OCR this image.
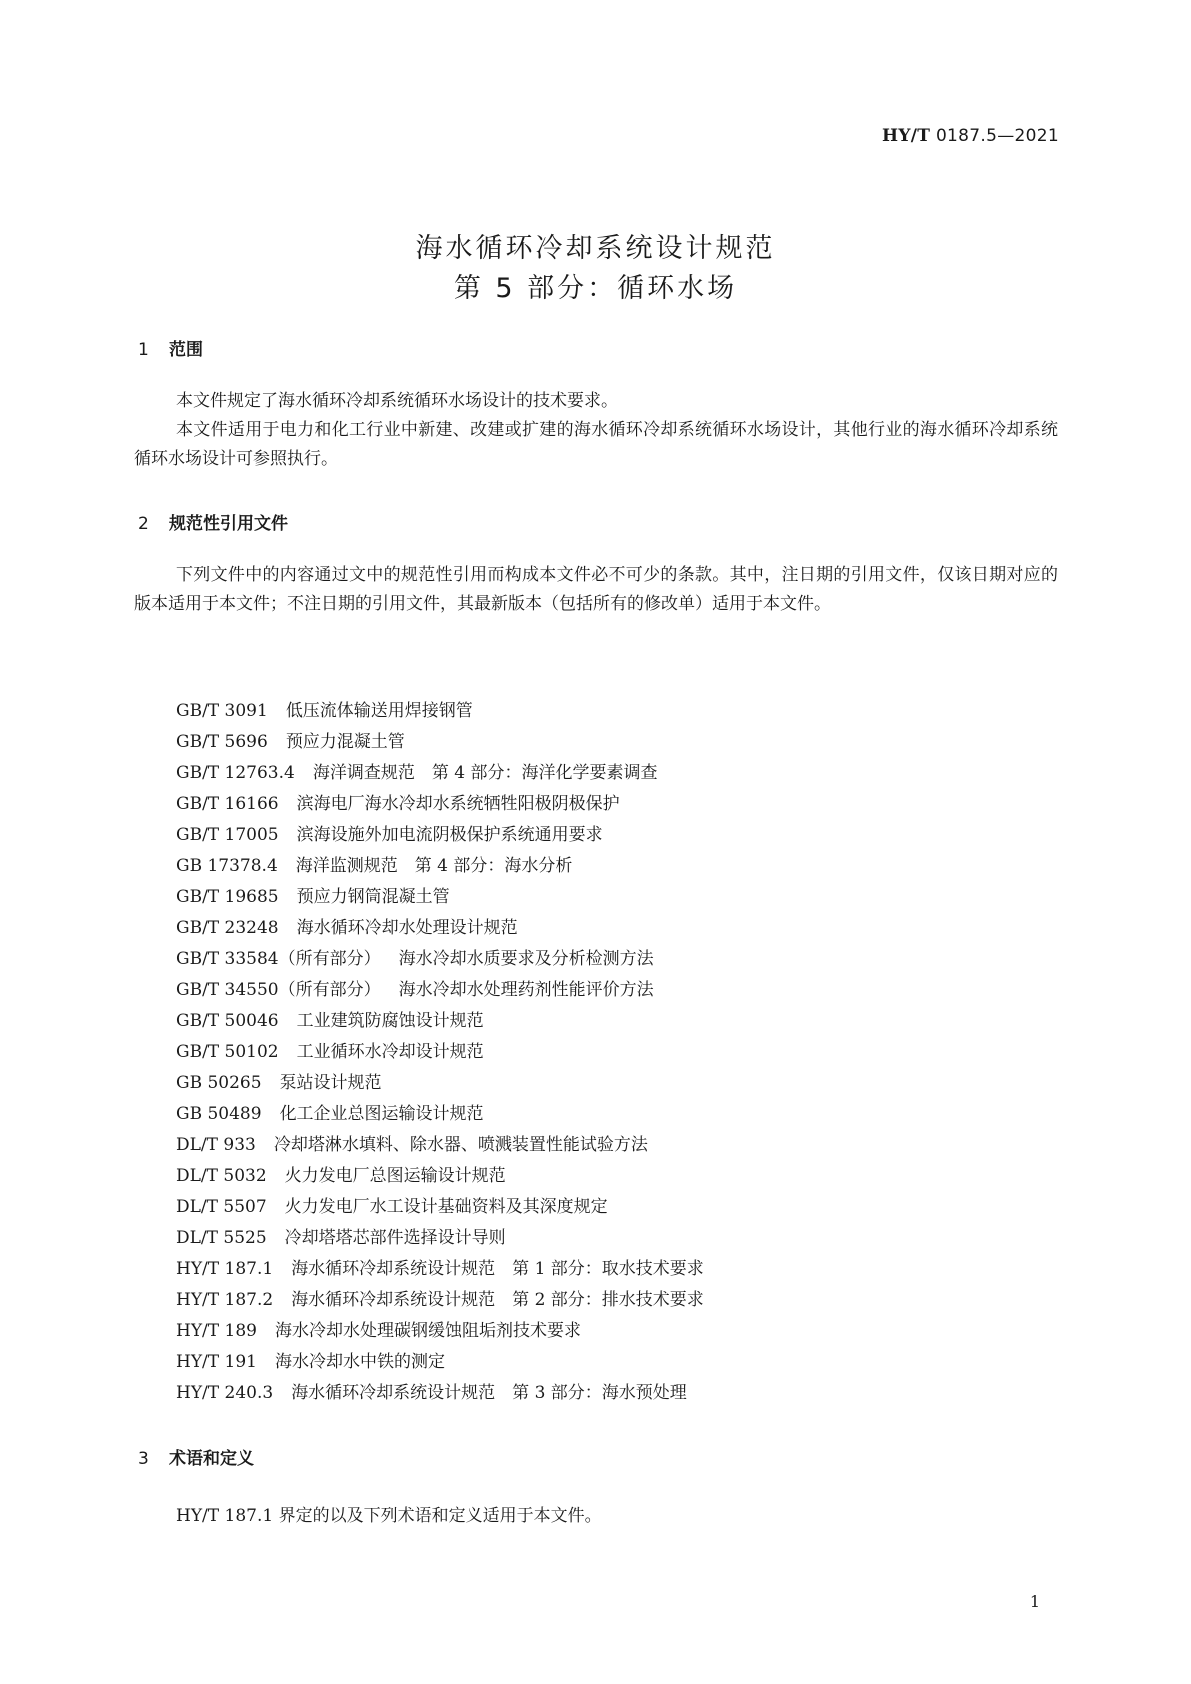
HY/T 0187.5—2021
海水循环冷却系统设计规范
第 5 部分：循环水场
1 范围
本文件规定了海水循环冷却系统循环水场设计的技术要求。
本文件适用于电力和化工行业中新建、改建或扩建的海水循环冷却系统循环水场设计，其他行业的海水循环冷却系统循环水场设计可参照执行。
2 规范性引用文件
下列文件中的内容通过文中的规范性引用而构成本文件必不可少的条款。其中，注日期的引用文件，仅该日期对应的版本适用于本文件；不注日期的引用文件，其最新版本（包括所有的修改单）适用于本文件。
GB/T 3091 低压流体输送用焊接钢管
GB/T 5696 预应力混凝土管
GB/T 12763.4 海洋调查规范　第 4 部分：海洋化学要素调查
GB/T 16166 滨海电厂海水冷却水系统牺牲阳极阴极保护
GB/T 17005 滨海设施外加电流阴极保护系统通用要求
GB 17378.4 海洋监测规范　第 4 部分：海水分析
GB/T 19685 预应力钢筒混凝土管
GB/T 23248 海水循环冷却水处理设计规范
GB/T 33584（所有部分） 海水冷却水质要求及分析检测方法
GB/T 34550（所有部分） 海水冷却水处理药剂性能评价方法
GB/T 50046 工业建筑防腐蚀设计规范
GB/T 50102 工业循环水冷却设计规范
GB 50265 泵站设计规范
GB 50489 化工企业总图运输设计规范
DL/T 933 冷却塔淋水填料、除水器、喷溅装置性能试验方法
DL/T 5032 火力发电厂总图运输设计规范
DL/T 5507 火力发电厂水工设计基础资料及其深度规定
DL/T 5525 冷却塔塔芯部件选择设计导则
HY/T 187.1 海水循环冷却系统设计规范　第 1 部分：取水技术要求
HY/T 187.2 海水循环冷却系统设计规范　第 2 部分：排水技术要求
HY/T 189 海水冷却水处理碳钢缓蚀阻垢剂技术要求
HY/T 191 海水冷却水中铁的测定
HY/T 240.3 海水循环冷却系统设计规范　第 3 部分：海水预处理
3 术语和定义
HY/T 187.1 界定的以及下列术语和定义适用于本文件。
1
